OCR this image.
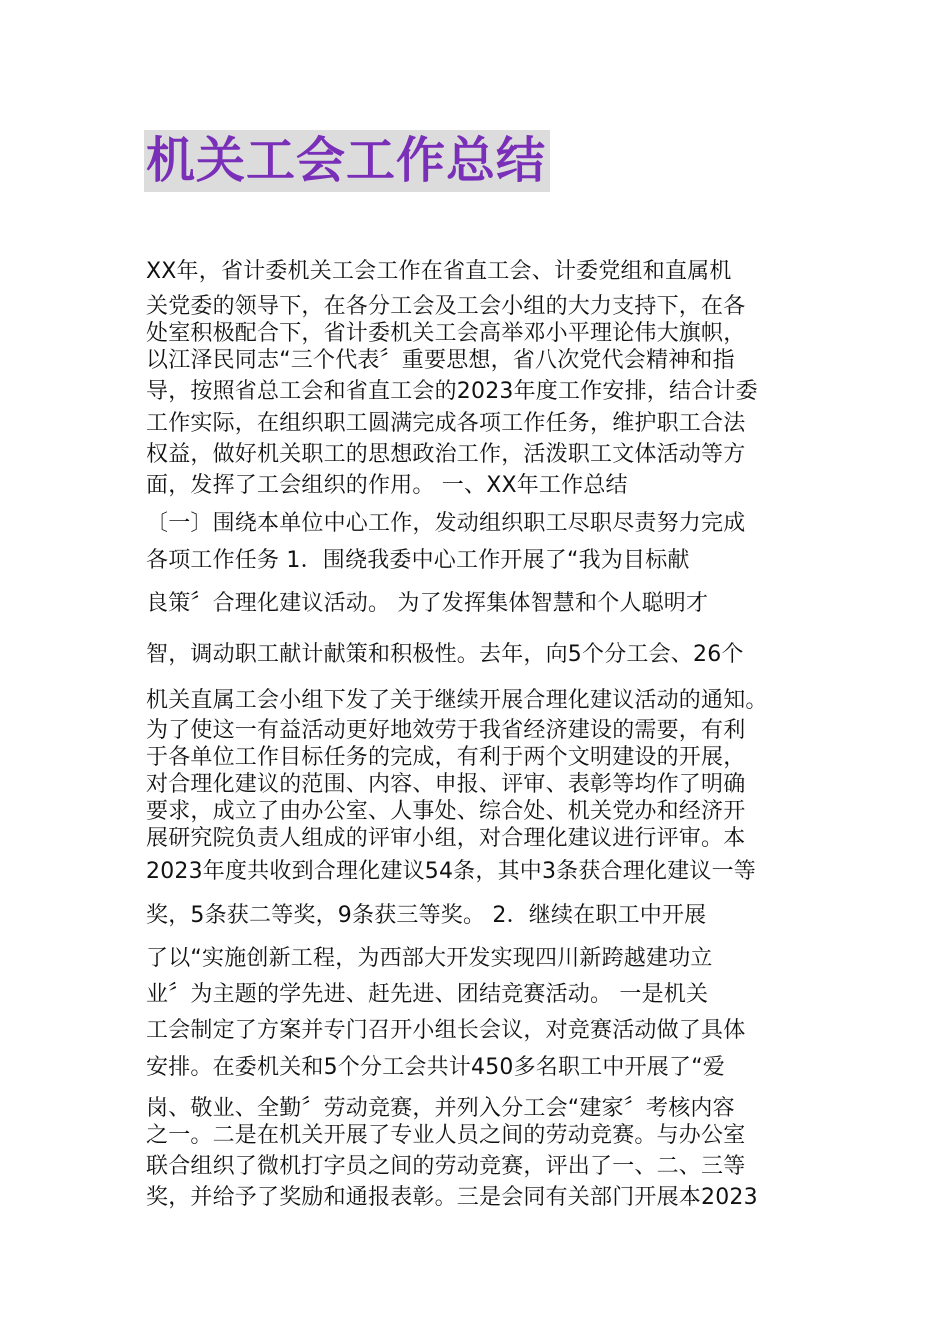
机关工会工作总结
XX年，省计委机关工会工作在省直工会、计委党组和直属机
关党委的领导下，在各分工会及工会小组的大力支持下，在各
处室积极配合下，省计委机关工会高举邓小平理论伟大旗帜，
以江泽民同志“三个代表〞重要思想，省八次党代会精神和指
导，按照省总工会和省直工会的2023年度工作安排，结合计委
工作实际，在组织职工圆满完成各项工作任务，维护职工合法
权益，做好机关职工的思想政治工作，活泼职工文体活动等方
面，发挥了工会组织的作用。 一、XX年工作总结
〔一〕围绕本单位中心工作，发动组织职工尽职尽责努力完成
各项工作任务 1．围绕我委中心工作开展了“我为目标献
良策〞合理化建议活动。 为了发挥集体智慧和个人聪明才
智，调动职工献计献策和积极性。去年，向5个分工会、26个
机关直属工会小组下发了关于继续开展合理化建议活动的通知。
为了使这一有益活动更好地效劳于我省经济建设的需要，有利
于各单位工作目标任务的完成，有利于两个文明建设的开展，
对合理化建议的范围、内容、申报、评审、表彰等均作了明确
要求，成立了由办公室、人事处、综合处、机关党办和经济开
展研究院负责人组成的评审小组，对合理化建议进行评审。本
2023年度共收到合理化建议54条，其中3条获合理化建议一等
奖，5条获二等奖，9条获三等奖。 2．继续在职工中开展
了以“实施创新工程，为西部大开发实现四川新跨越建功立
业〞为主题的学先进、赶先进、团结竞赛活动。 一是机关
工会制定了方案并专门召开小组长会议，对竞赛活动做了具体
安排。在委机关和5个分工会共计450多名职工中开展了“爱
岗、敬业、全勤〞劳动竞赛，并列入分工会“建家〞考核内容
之一。二是在机关开展了专业人员之间的劳动竞赛。与办公室
联合组织了微机打字员之间的劳动竞赛，评出了一、二、三等
奖，并给予了奖励和通报表彰。三是会同有关部门开展本2023
